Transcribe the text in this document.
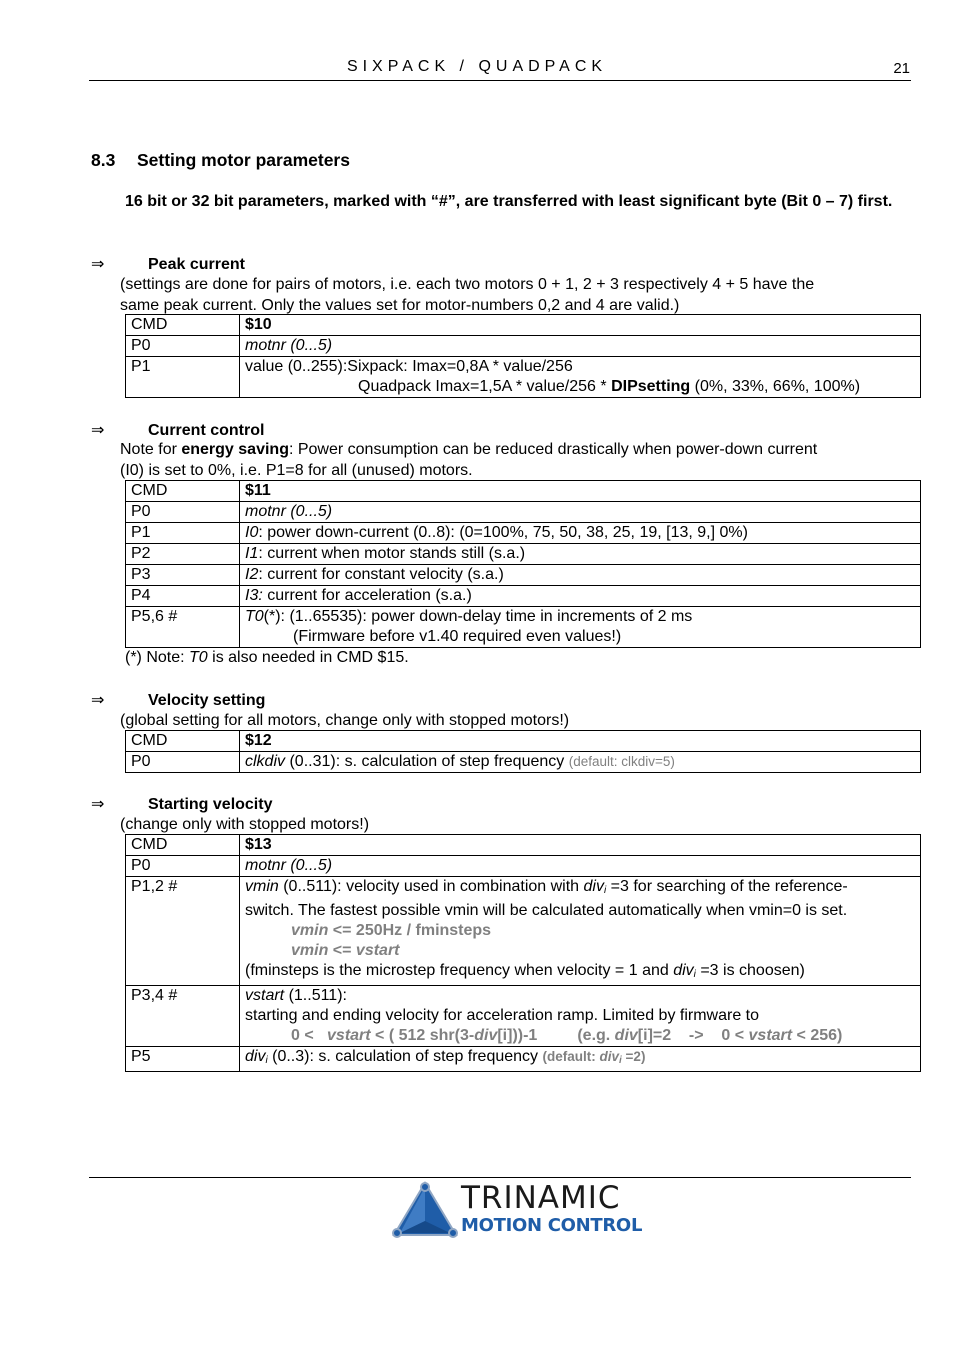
SIXPACK / QUADPACK	21
8.3 Setting motor parameters
16 bit or 32 bit parameters, marked with “#”, are transferred with least significant byte (Bit 0 – 7) first.
⇒	Peak current
(settings are done for pairs of motors, i.e. each two motors 0 + 1, 2 + 3 respectively 4 + 5 have the
same peak current. Only the values set for motor-numbers 0,2 and 4 are valid.)
CMD	$10
P0	motnr (0...5)
P1	value (0..255):Sixpack: Imax=0,8A * value/256
Quadpack Imax=1,5A * value/256 * DIPsetting (0%, 33%, 66%, 100%)
⇒	Current control
Note for energy saving: Power consumption can be reduced drastically when power-down current
(I0) is set to 0%, i.e. P1=8 for all (unused) motors.
CMD	$11
P0	motnr (0...5)
P1	I0: power down-current (0..8): (0=100%, 75, 50, 38, 25, 19, [13, 9,] 0%)
P2	I1: current when motor stands still (s.a.)
P3	I2: current for constant velocity (s.a.)
P4	I3: current for acceleration (s.a.)
P5,6 #	T0(*): (1..65535): power down-delay time in increments of 2 ms
(Firmware before v1.40 required even values!)
(*) Note: T0 is also needed in CMD $15.
⇒	Velocity setting
(global setting for all motors, change only with stopped motors!)
CMD	$12
P0	clkdiv (0..31): s. calculation of step frequency (default: clkdiv=5)
⇒	Starting velocity
(change only with stopped motors!)
CMD	$13
P0	motnr (0...5)
P1,2 #	vmin (0..511): velocity used in combination with div$_i$ =3 for searching of the reference-
switch. The fastest possible vmin will be calculated automatically when vmin=0 is set.
vmin <= 250Hz / fminsteps
vmin <= vstart
(fminsteps is the microstep frequency when velocity = 1 and div$_i$ =3 is choosen)

P3,4 #	vstart (1..511):
starting and ending velocity for acceleration ramp. Limited by firmware to
0 <   vstart < ( 512 shr(3-div[i]))-1         (e.g. div[i]=2    ->    0 < vstart < 256)

P5	div$_i$ (0..3): s. calculation of step frequency (default: div$_i$ =2)
TRINAMIC
MOTION CONTROL
